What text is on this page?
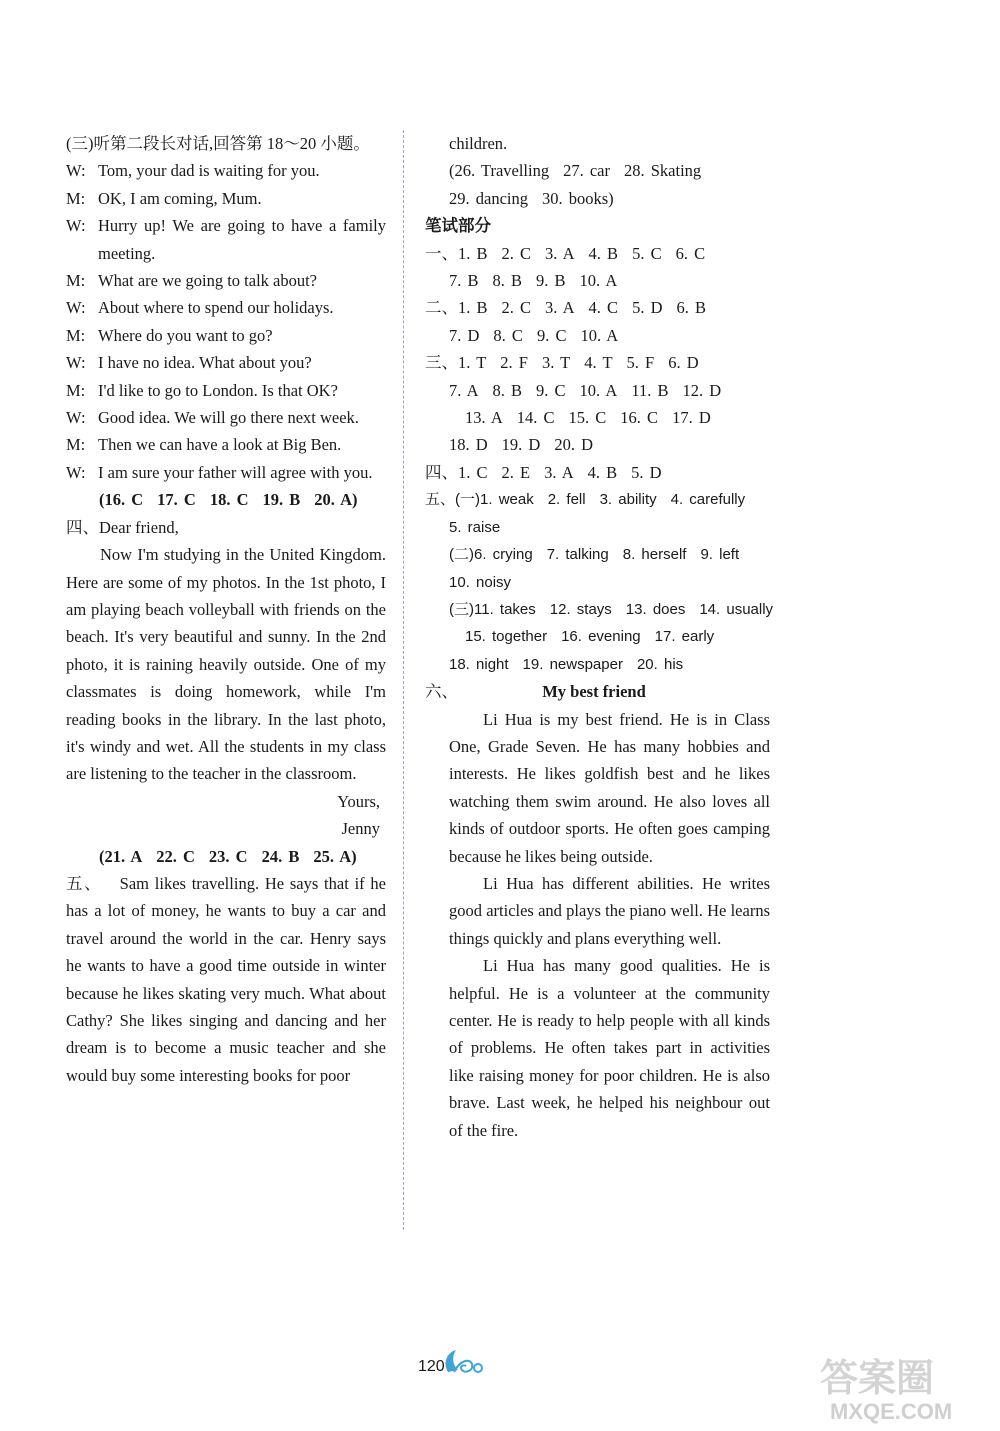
(三)听第二段长对话,回答第 18～20 小题。
W: Tom, your dad is waiting for you.
M: OK, I am coming, Mum.
W: Hurry up! We are going to have a family meeting.
M: What are we going to talk about?
W: About where to spend our holidays.
M: Where do you want to go?
W: I have no idea. What about you?
M: I'd like to go to London. Is that OK?
W: Good idea. We will go there next week.
M: Then we can have a look at Big Ben.
W: I am sure your father will agree with you.
(16. C 17. C 18. C 19. B 20. A)
四、Dear friend,
Now I'm studying in the United Kingdom. Here are some of my photos. In the 1st photo, I am playing beach volleyball with friends on the beach. It's very beautiful and sunny. In the 2nd photo, it is raining heavily outside. One of my classmates is doing homework, while I'm reading books in the library. In the last photo, it's windy and wet. All the students in my class are listening to the teacher in the classroom.
Yours,
Jenny
(21. A 22. C 23. C 24. B 25. A)
五、 Sam likes travelling. He says that if he has a lot of money, he wants to buy a car and travel around the world in the car. Henry says he wants to have a good time outside in winter because he likes skating very much. What about Cathy? She likes singing and dancing and her dream is to become a music teacher and she would buy some interesting books for poor
children.
(26. Travelling 27. car 28. Skating
29. dancing 30. books)
笔试部分
一、1. B 2. C 3. A 4. B 5. C 6. C
7. B 8. B 9. B 10. A
二、1. B 2. C 3. A 4. C 5. D 6. B
7. D 8. C 9. C 10. A
三、1. T 2. F 3. T 4. T 5. F 6. D
7. A 8. B 9. C 10. A 11. B 12. D
13. A 14. C 15. C 16. C 17. D
18. D 19. D 20. D
四、1. C 2. E 3. A 4. B 5. D
五、(一)1. weak 2. fell 3. ability 4. carefully
5. raise
(二)6. crying 7. talking 8. herself 9. left
10. noisy
(三)11. takes 12. stays 13. does 14. usually
15. together 16. evening 17. early
18. night 19. newspaper 20. his
六、	My best friend
Li Hua is my best friend. He is in Class One, Grade Seven. He has many hobbies and interests. He likes goldfish best and he likes watching them swim around. He also loves all kinds of outdoor sports. He often goes camping because he likes being outside.
Li Hua has different abilities. He writes good articles and plays the piano well. He learns things quickly and plans everything well.
Li Hua has many good qualities. He is helpful. He is a volunteer at the community center. He is ready to help people with all kinds of problems. He often takes part in activities like raising money for poor children. He is also brave. Last week, he helped his neighbour out of the fire.
120	答案圈
MXQE.COM
